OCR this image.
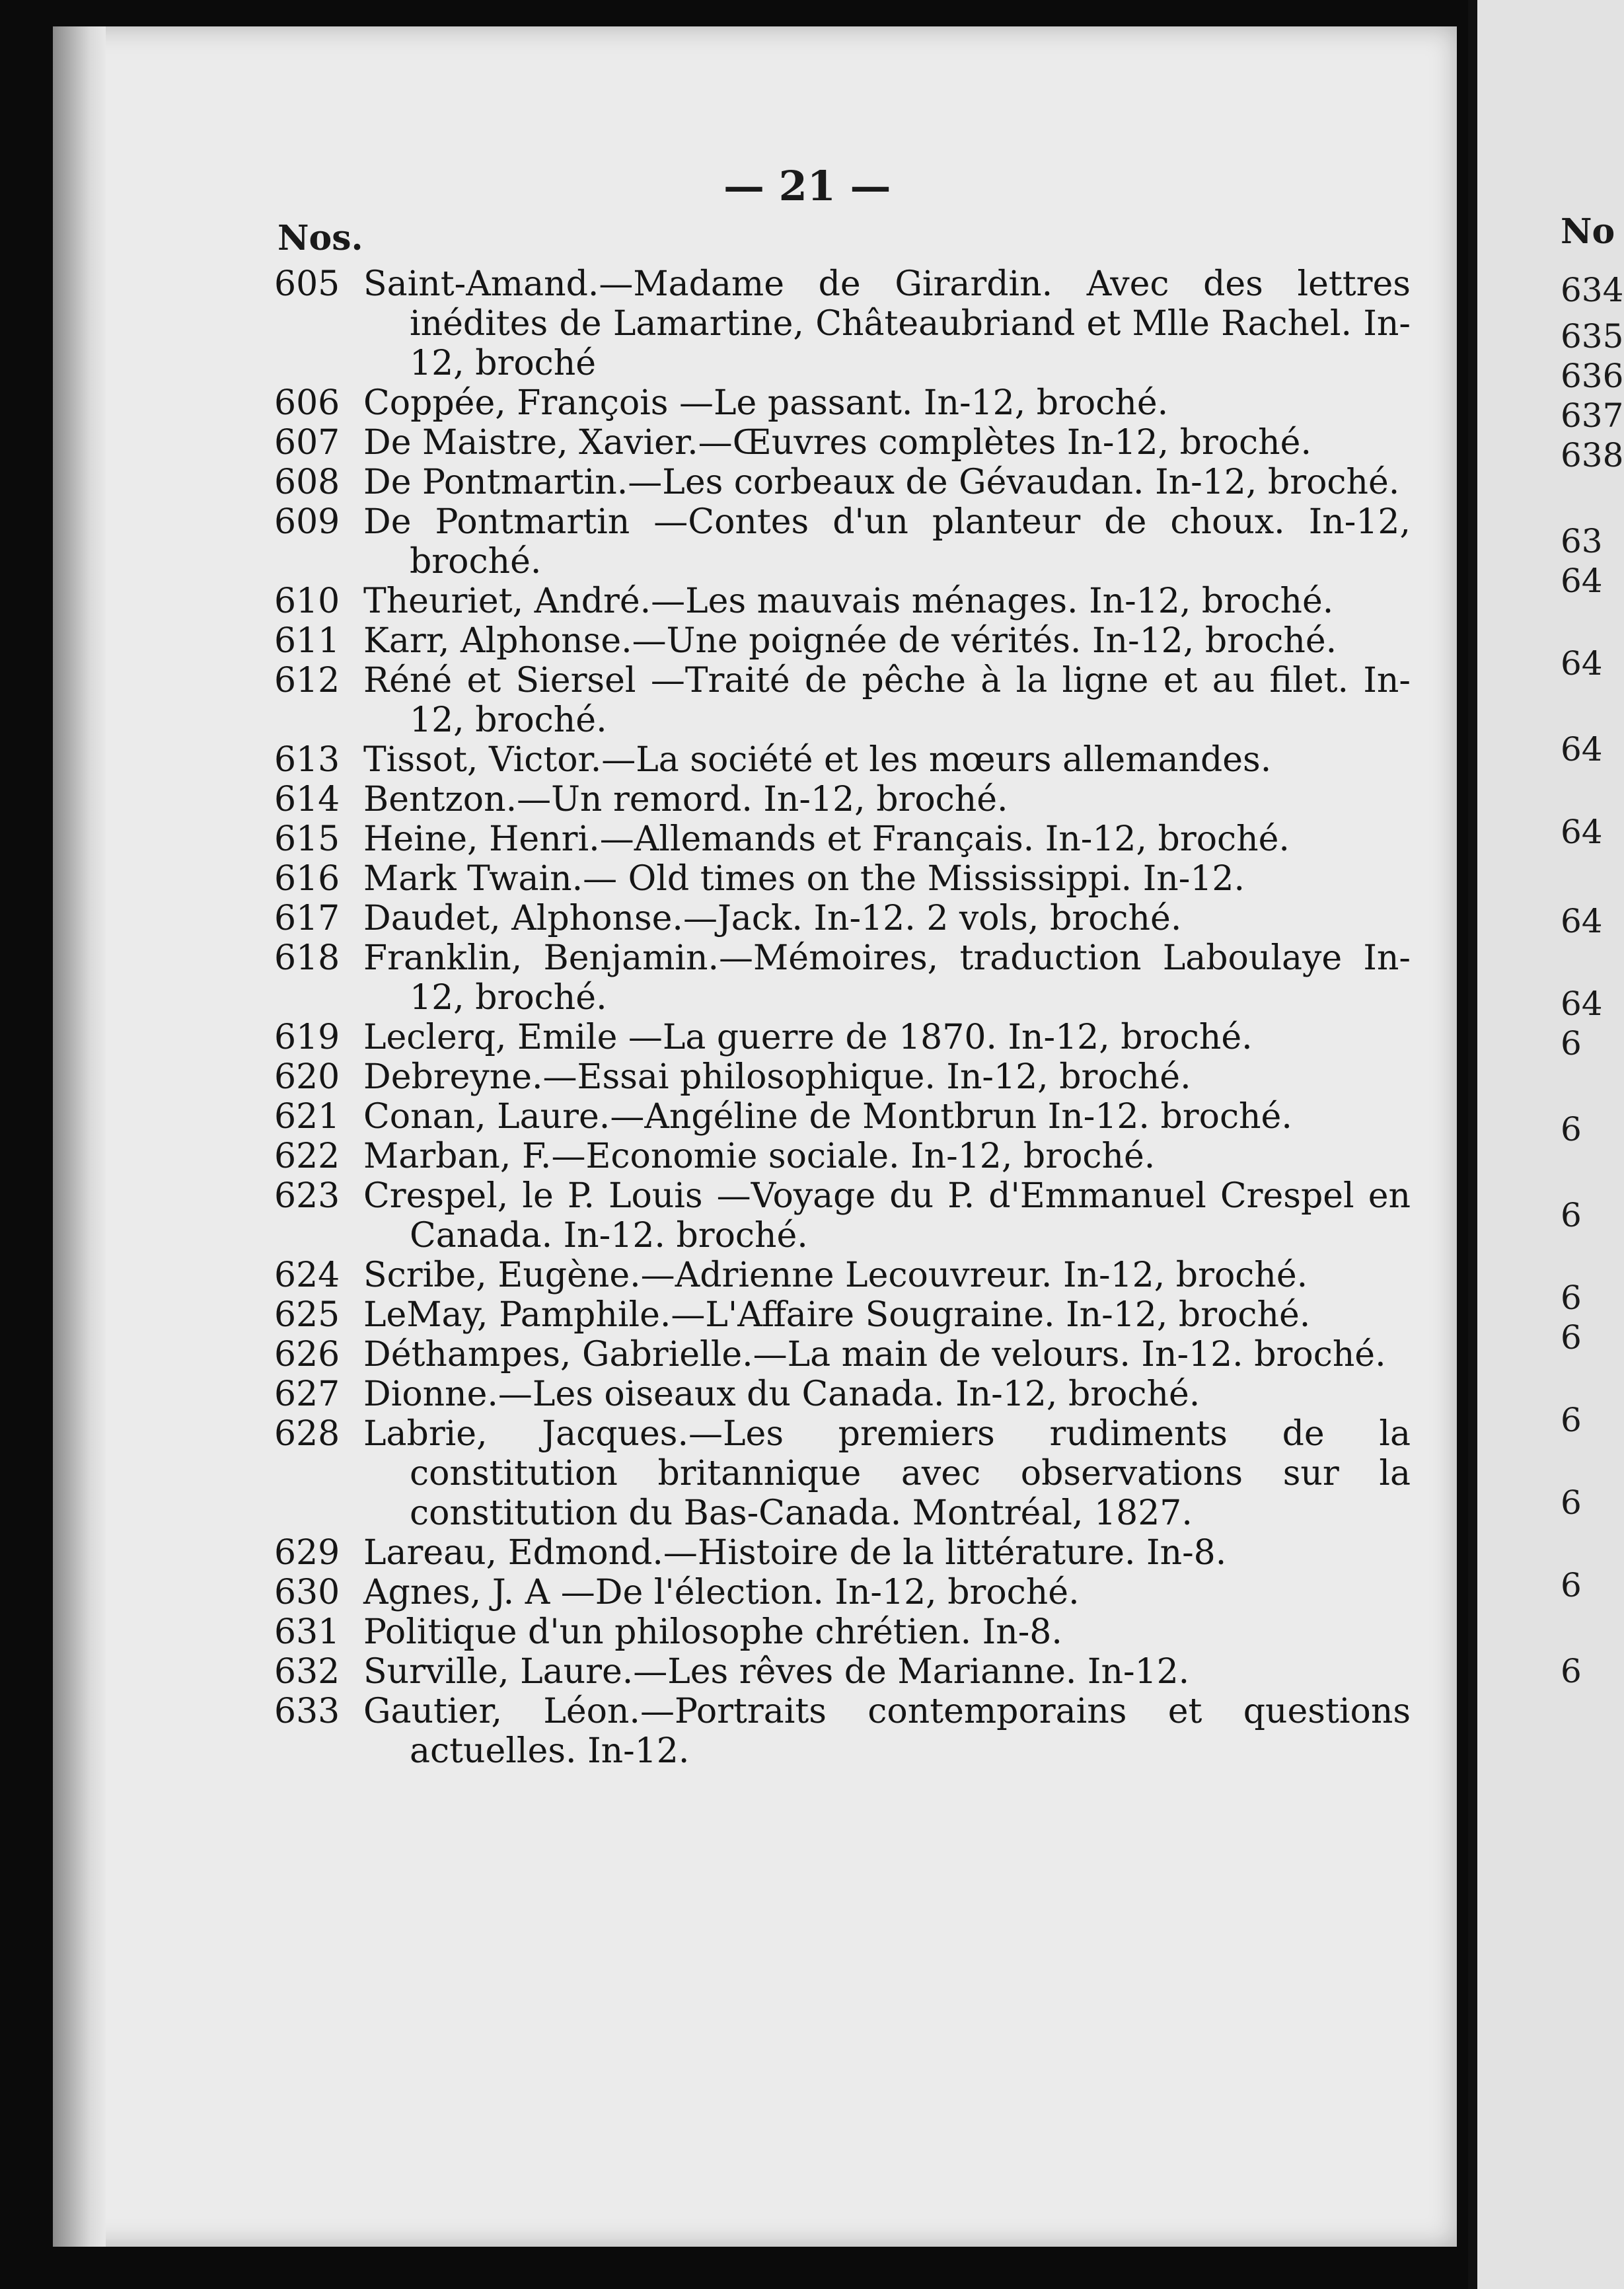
— 21 —
Nos.
605 Saint-Amand.—Madame de Girardin. Avec des lettres inédites de Lamartine, Châteaubriand et Mlle Rachel. In-12, broché
606 Coppée, François —Le passant. In-12, broché.
607 De Maistre, Xavier.—Œuvres complètes In-12, broché.
608 De Pontmartin.—Les corbeaux de Gévaudan. In-12, broché.
609 De Pontmartin —Contes d'un planteur de choux. In-12, broché.
610 Theuriet, André.—Les mauvais ménages. In-12, broché.
611 Karr, Alphonse.—Une poignée de vérités. In-12, broché.
612 Réné et Siersel —Traité de pêche à la ligne et au filet. In-12, broché.
613 Tissot, Victor.—La société et les mœurs allemandes.
614 Bentzon.—Un remord. In-12, broché.
615 Heine, Henri.—Allemands et Français. In-12, broché.
616 Mark Twain.— Old times on the Mississippi. In-12.
617 Daudet, Alphonse.—Jack. In-12. 2 vols, broché.
618 Franklin, Benjamin.—Mémoires, traduction Laboulaye In-12, broché.
619 Leclerq, Emile —La guerre de 1870. In-12, broché.
620 Debreyne.—Essai philosophique. In-12, broché.
621 Conan, Laure.—Angéline de Montbrun In-12. broché.
622 Marban, F.—Economie sociale. In-12, broché.
623 Crespel, le P. Louis —Voyage du P. d'Emmanuel Crespel en Canada. In-12. broché.
624 Scribe, Eugène.—Adrienne Lecouvreur. In-12, broché.
625 LeMay, Pamphile.—L'Affaire Sougraine. In-12, broché.
626 Déthampes, Gabrielle.—La main de velours. In-12. broché.
627 Dionne.—Les oiseaux du Canada. In-12, broché.
628 Labrie, Jacques.—Les premiers rudiments de la constitution britannique avec observations sur la constitution du Bas-Canada. Montréal, 1827.
629 Lareau, Edmond.—Histoire de la littérature. In-8.
630 Agnes, J. A —De l'élection. In-12, broché.
631 Politique d'un philosophe chrétien. In-8.
632 Surville, Laure.—Les rêves de Marianne. In-12.
633 Gautier, Léon.—Portraits contemporains et questions actuelles. In-12.
No
634
635
636
637
638
63
64
64
64
64
64
64
6
6
6
6
6
6
6
6
6
